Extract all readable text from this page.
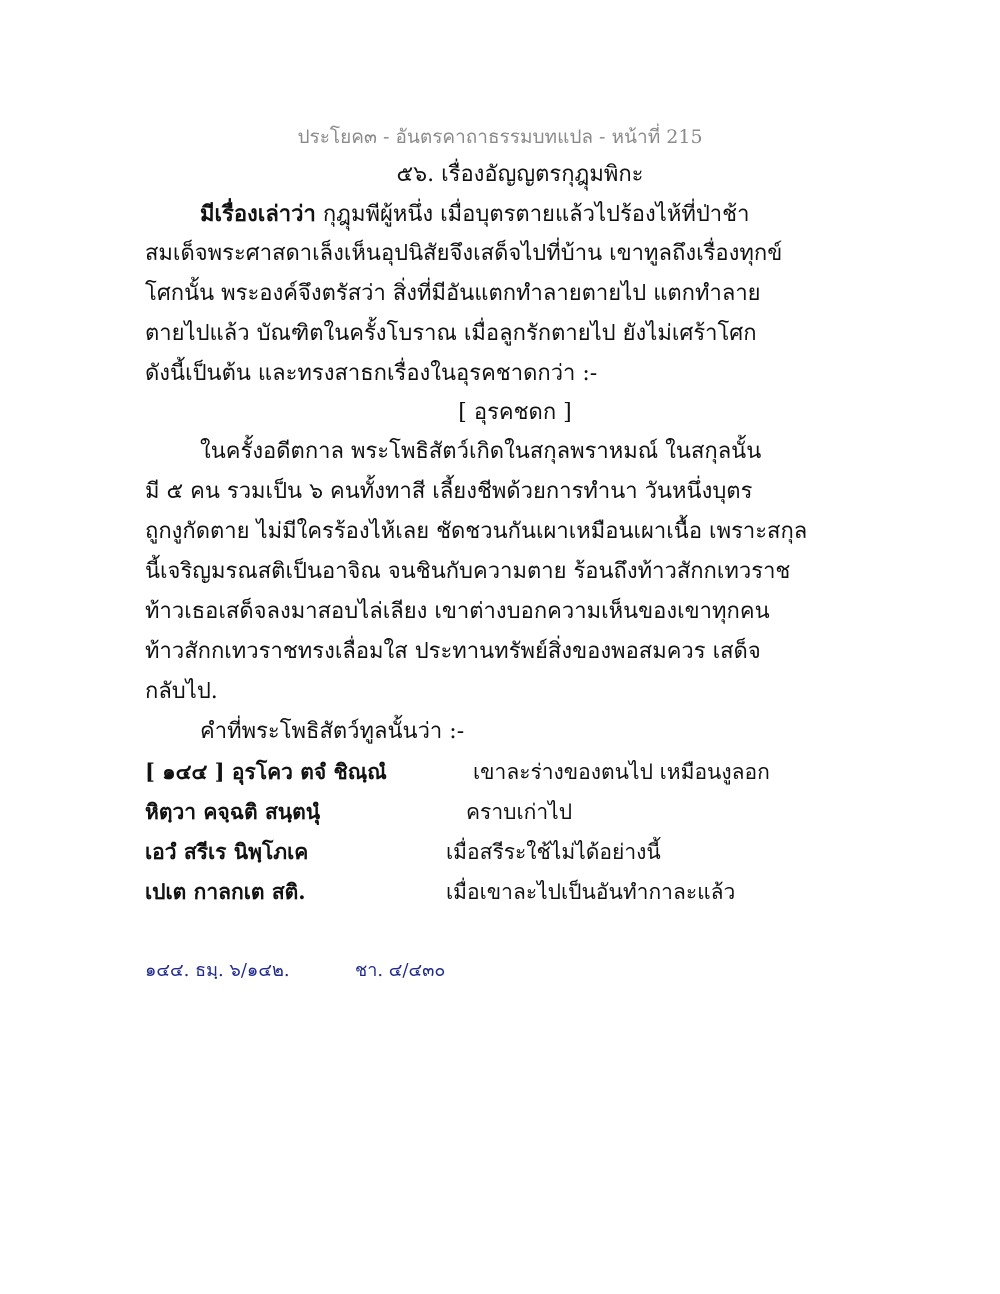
ประโยค๓ - อันตรคาถาธรรมบทแปล - หน้าที่ 215
๕๖. เรื่องอัญญตรกุฎุมพิกะ
มีเรื่องเล่าว่า กุฎุมพีผู้หนึ่ง เมื่อบุตรตายแล้วไปร้องไห้ที่ป่าช้า
สมเด็จพระศาสดาเล็งเห็นอุปนิสัยจึงเสด็จไปที่บ้าน เขาทูลถึงเรื่องทุกข์
โศกนั้น พระองค์จึงตรัสว่า สิ่งที่มีอันแตกทำลายตายไป แตกทำลาย
ตายไปแล้ว บัณฑิตในครั้งโบราณ เมื่อลูกรักตายไป ยังไม่เศร้าโศก
ดังนี้เป็นต้น และทรงสาธกเรื่องในอุรคชาดกว่า :-
[ อุรคชดก ]
ในครั้งอดีตกาล พระโพธิสัตว์เกิดในสกุลพราหมณ์ ในสกุลนั้น
มี ๕ คน รวมเป็น ๖ คนทั้งทาสี เลี้ยงชีพด้วยการทำนา วันหนึ่งบุตร
ถูกงูกัดตาย ไม่มีใครร้องไห้เลย ชัดชวนกันเผาเหมือนเผาเนื้อ เพราะสกุล
นี้เจริญมรณสติเป็นอาจิณ จนชินกับความตาย ร้อนถึงท้าวสักกเทวราช
ท้าวเธอเสด็จลงมาสอบไล่เลียง เขาต่างบอกความเห็นของเขาทุกคน
ท้าวสักกเทวราชทรงเลื่อมใส ประทานทรัพย์สิ่งของพอสมควร เสด็จ
กลับไป.
คำที่พระโพธิสัตว์ทูลนั้นว่า :-
[ ๑๔๔ ] อุรโคว ตจํ ชิณฺณํ	เขาละร่างของตนไป เหมือนงูลอก
หิตฺวา คจฺฉติ สนฺตนุํ	คราบเก่าไป
เอวํ สรีเร นิพฺโภเค	เมื่อสรีระใช้ไม่ได้อย่างนี้
เปเต กาลกเต สติ.	เมื่อเขาละไปเป็นอันทำกาละแล้ว
๑๔๔. ธมฺ. ๖/๑๔๒.	ชา. ๔/๔๓๐
